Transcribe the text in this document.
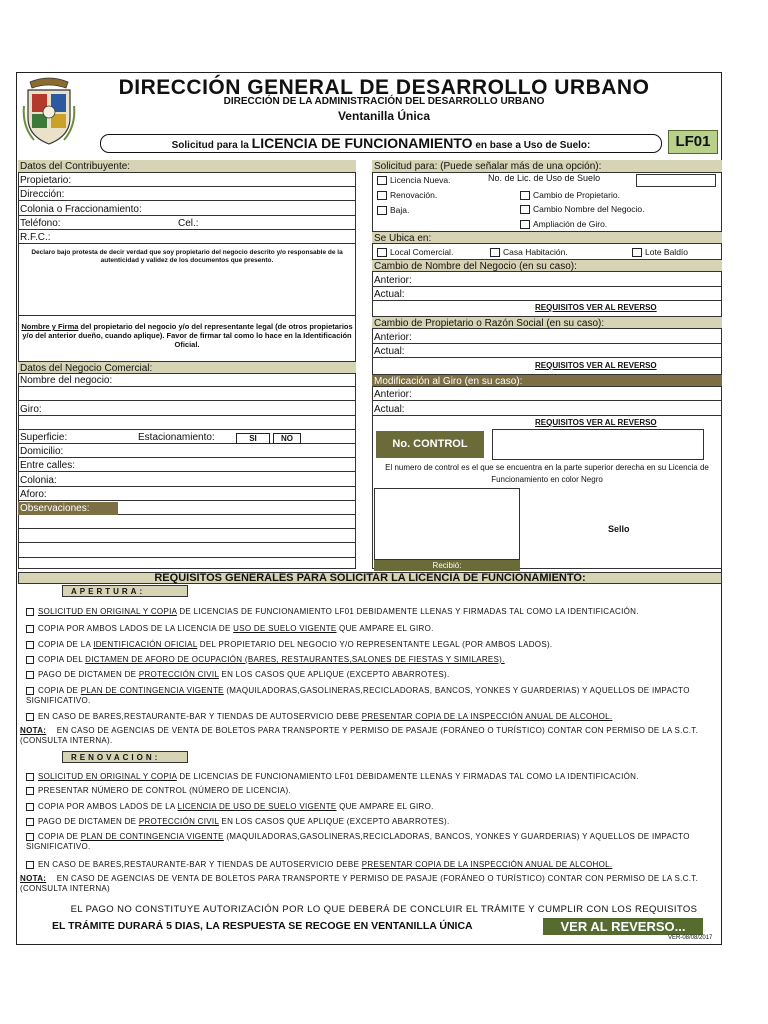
DIRECCIÓN GENERAL DE DESARROLLO URBANO
DIRECCIÓN DE LA ADMINISTRACIÓN DEL DESARROLLO URBANO
Ventanilla Única
Solicitud para la LICENCIA DE FUNCIONAMIENTO en base a Uso de Suelo:	LF01
Datos del Contribuyente:
Propietario:
Dirección:
Colonia o Fraccionamiento:
Teléfono:	Cel.:
R.F.C.:
Declaro bajo protesta de decir verdad que soy propietario del negocio descrito y/o responsable de la autenticidad y validez de los documentos que presento.
Nombre y Firma del propietario del negocio y/o del representante legal (de otros propietarios y/o del anterior dueño, cuando aplique). Favor de firmar tal como lo hace en la Identificación Oficial.
Datos del Negocio Comercial:
Nombre del negocio:
Giro:
Superficie:	Estacionamiento:	SI	NO
Domicilio:
Entre calles:
Colonia:
Aforo:
Observaciones:
Solicitud para: (Puede señalar más de una opción):
Licencia Nueva.	No. de Lic. de Uso de Suelo
Renovación.	Cambio de Propietario.
Baja.	Cambio Nombre del Negocio.
Ampliación de Giro.
Se Ubica en:
Local Comercial.	Casa Habitación.	Lote Baldío
Cambio de Nombre del Negocio (en su caso):
Anterior:
Actual:
REQUISITOS VER AL REVERSO
Cambio de Propietario o Razón Social (en su caso):
Anterior:
Actual:
REQUISITOS VER AL REVERSO
Modificación al Giro (en su caso):
Anterior:
Actual:
REQUISITOS VER AL REVERSO
No. CONTROL
El numero de control es el que se encuentra en la parte superior derecha en su Licencia de Funcionamiento en color Negro
Sello
Recibió:
REQUISITOS GENERALES PARA SOLICITAR LA LICENCIA DE FUNCIONAMIENTO:
APERTURA:
SOLICITUD EN ORIGINAL Y COPIA DE LICENCIAS DE FUNCIONAMIENTO LF01 DEBIDAMENTE LLENAS Y FIRMADAS TAL COMO LA IDENTIFICACIÓN.
COPIA POR AMBOS LADOS DE LA LICENCIA DE USO DE SUELO VIGENTE QUE AMPARE EL GIRO.
COPIA DE LA IDENTIFICACIÓN OFICIAL DEL PROPIETARIO DEL NEGOCIO Y/O REPRESENTANTE LEGAL (POR AMBOS LADOS).
COPIA DEL DICTAMEN DE AFORO DE OCUPACIÓN (BARES, RESTAURANTES,SALONES DE FIESTAS Y SIMILARES).
PAGO DE DICTAMEN DE PROTECCIÓN CIVIL EN LOS CASOS QUE APLIQUE (EXCEPTO ABARROTES).
COPIA DE PLAN DE CONTINGENCIA VIGENTE (MAQUILADORAS,GASOLINERAS,RECICLADORAS, BANCOS, YONKES Y GUARDERIAS) Y AQUELLOS DE IMPACTO SIGNIFICATIVO.
EN CASO DE BARES,RESTAURANTE-BAR Y TIENDAS DE AUTOSERVICIO DEBE PRESENTAR COPIA DE LA INSPECCIÓN ANUAL DE ALCOHOL.
NOTA: EN CASO DE AGENCIAS DE VENTA DE BOLETOS PARA TRANSPORTE Y PERMISO DE PASAJE (FORÁNEO O TURÍSTICO) CONTAR CON PERMISO DE LA S.C.T. (CONSULTA INTERNA).
RENOVACION:
SOLICITUD EN ORIGINAL Y COPIA DE LICENCIAS DE FUNCIONAMIENTO LF01 DEBIDAMENTE LLENAS Y FIRMADAS TAL COMO LA IDENTIFICACIÓN.
PRESENTAR NÚMERO DE CONTROL (NÚMERO DE LICENCIA).
COPIA POR AMBOS LADOS DE LA LICENCIA DE USO DE SUELO VIGENTE QUE AMPARE EL GIRO.
PAGO DE DICTAMEN DE PROTECCIÓN CIVIL EN LOS CASOS QUE APLIQUE (EXCEPTO ABARROTES).
COPIA DE PLAN DE CONTINGENCIA VIGENTE (MAQUILADORAS,GASOLINERAS,RECICLADORAS, BANCOS, YONKES Y GUARDERIAS) Y AQUELLOS DE IMPACTO SIGNIFICATIVO.
EN CASO DE BARES,RESTAURANTE-BAR Y TIENDAS DE AUTOSERVICIO DEBE PRESENTAR COPIA DE LA INSPECCIÓN ANUAL DE ALCOHOL.
NOTA: EN CASO DE AGENCIAS DE VENTA DE BOLETOS PARA TRANSPORTE Y PERMISO DE PASAJE (FORÁNEO O TURÍSTICO) CONTAR CON PERMISO DE LA S.C.T. (CONSULTA INTERNA)
EL PAGO NO CONSTITUYE AUTORIZACIÓN POR LO QUE DEBERÁ DE CONCLUIR EL TRÁMITE Y CUMPLIR CON LOS REQUISITOS
EL TRÁMITE DURARÁ 5 DIAS, LA RESPUESTA SE RECOGE EN VENTANILLA ÚNICA	VER AL REVERSO...
VER-08/08/2017
